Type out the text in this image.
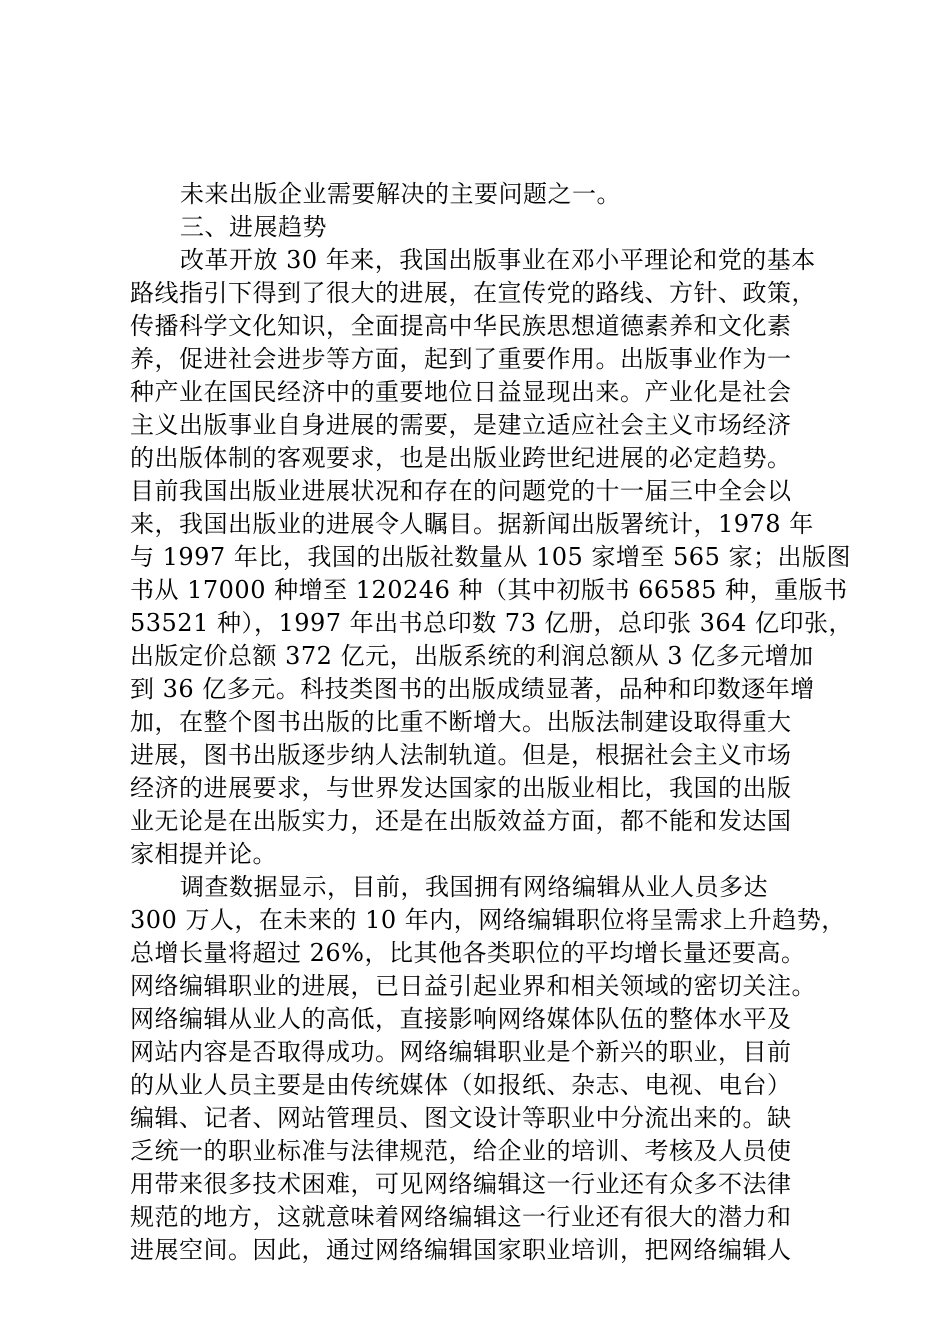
未来出版企业需要解决的主要问题之一。
三、进展趋势
改革开放 30 年来，我国出版事业在邓小平理论和党的基本
路线指引下得到了很大的进展，在宣传党的路线、方针、政策，
传播科学文化知识，全面提高中华民族思想道德素养和文化素
养，促进社会进步等方面，起到了重要作用。出版事业作为一
种产业在国民经济中的重要地位日益显现出来。产业化是社会
主义出版事业自身进展的需要，是建立适应社会主义市场经济
的出版体制的客观要求，也是出版业跨世纪进展的必定趋势。
目前我国出版业进展状况和存在的问题党的十一届三中全会以
来，我国出版业的进展令人瞩目。据新闻出版署统计，1978 年
与 1997 年比，我国的出版社数量从 105 家增至 565 家；出版图
书从 17000 种增至 120246 种（其中初版书 66585 种，重版书
53521 种），1997 年出书总印数 73 亿册，总印张 364 亿印张，
出版定价总额 372 亿元，出版系统的利润总额从 3 亿多元增加
到 36 亿多元。科技类图书的出版成绩显著，品种和印数逐年增
加，在整个图书出版的比重不断增大。出版法制建设取得重大
进展，图书出版逐步纳人法制轨道。但是，根据社会主义市场
经济的进展要求，与世界发达国家的出版业相比，我国的出版
业无论是在出版实力，还是在出版效益方面，都不能和发达国
家相提并论。
调查数据显示，目前，我国拥有网络编辑从业人员多达
300 万人，在未来的 10 年内，网络编辑职位将呈需求上升趋势，
总增长量将超过 26%，比其他各类职位的平均增长量还要高。
网络编辑职业的进展，已日益引起业界和相关领域的密切关注。
网络编辑从业人的高低，直接影响网络媒体队伍的整体水平及
网站内容是否取得成功。网络编辑职业是个新兴的职业，目前
的从业人员主要是由传统媒体（如报纸、杂志、电视、电台）
编辑、记者、网站管理员、图文设计等职业中分流出来的。缺
乏统一的职业标准与法律规范，给企业的培训、考核及人员使
用带来很多技术困难，可见网络编辑这一行业还有众多不法律
规范的地方，这就意味着网络编辑这一行业还有很大的潜力和
进展空间。因此，通过网络编辑国家职业培训，把网络编辑人
